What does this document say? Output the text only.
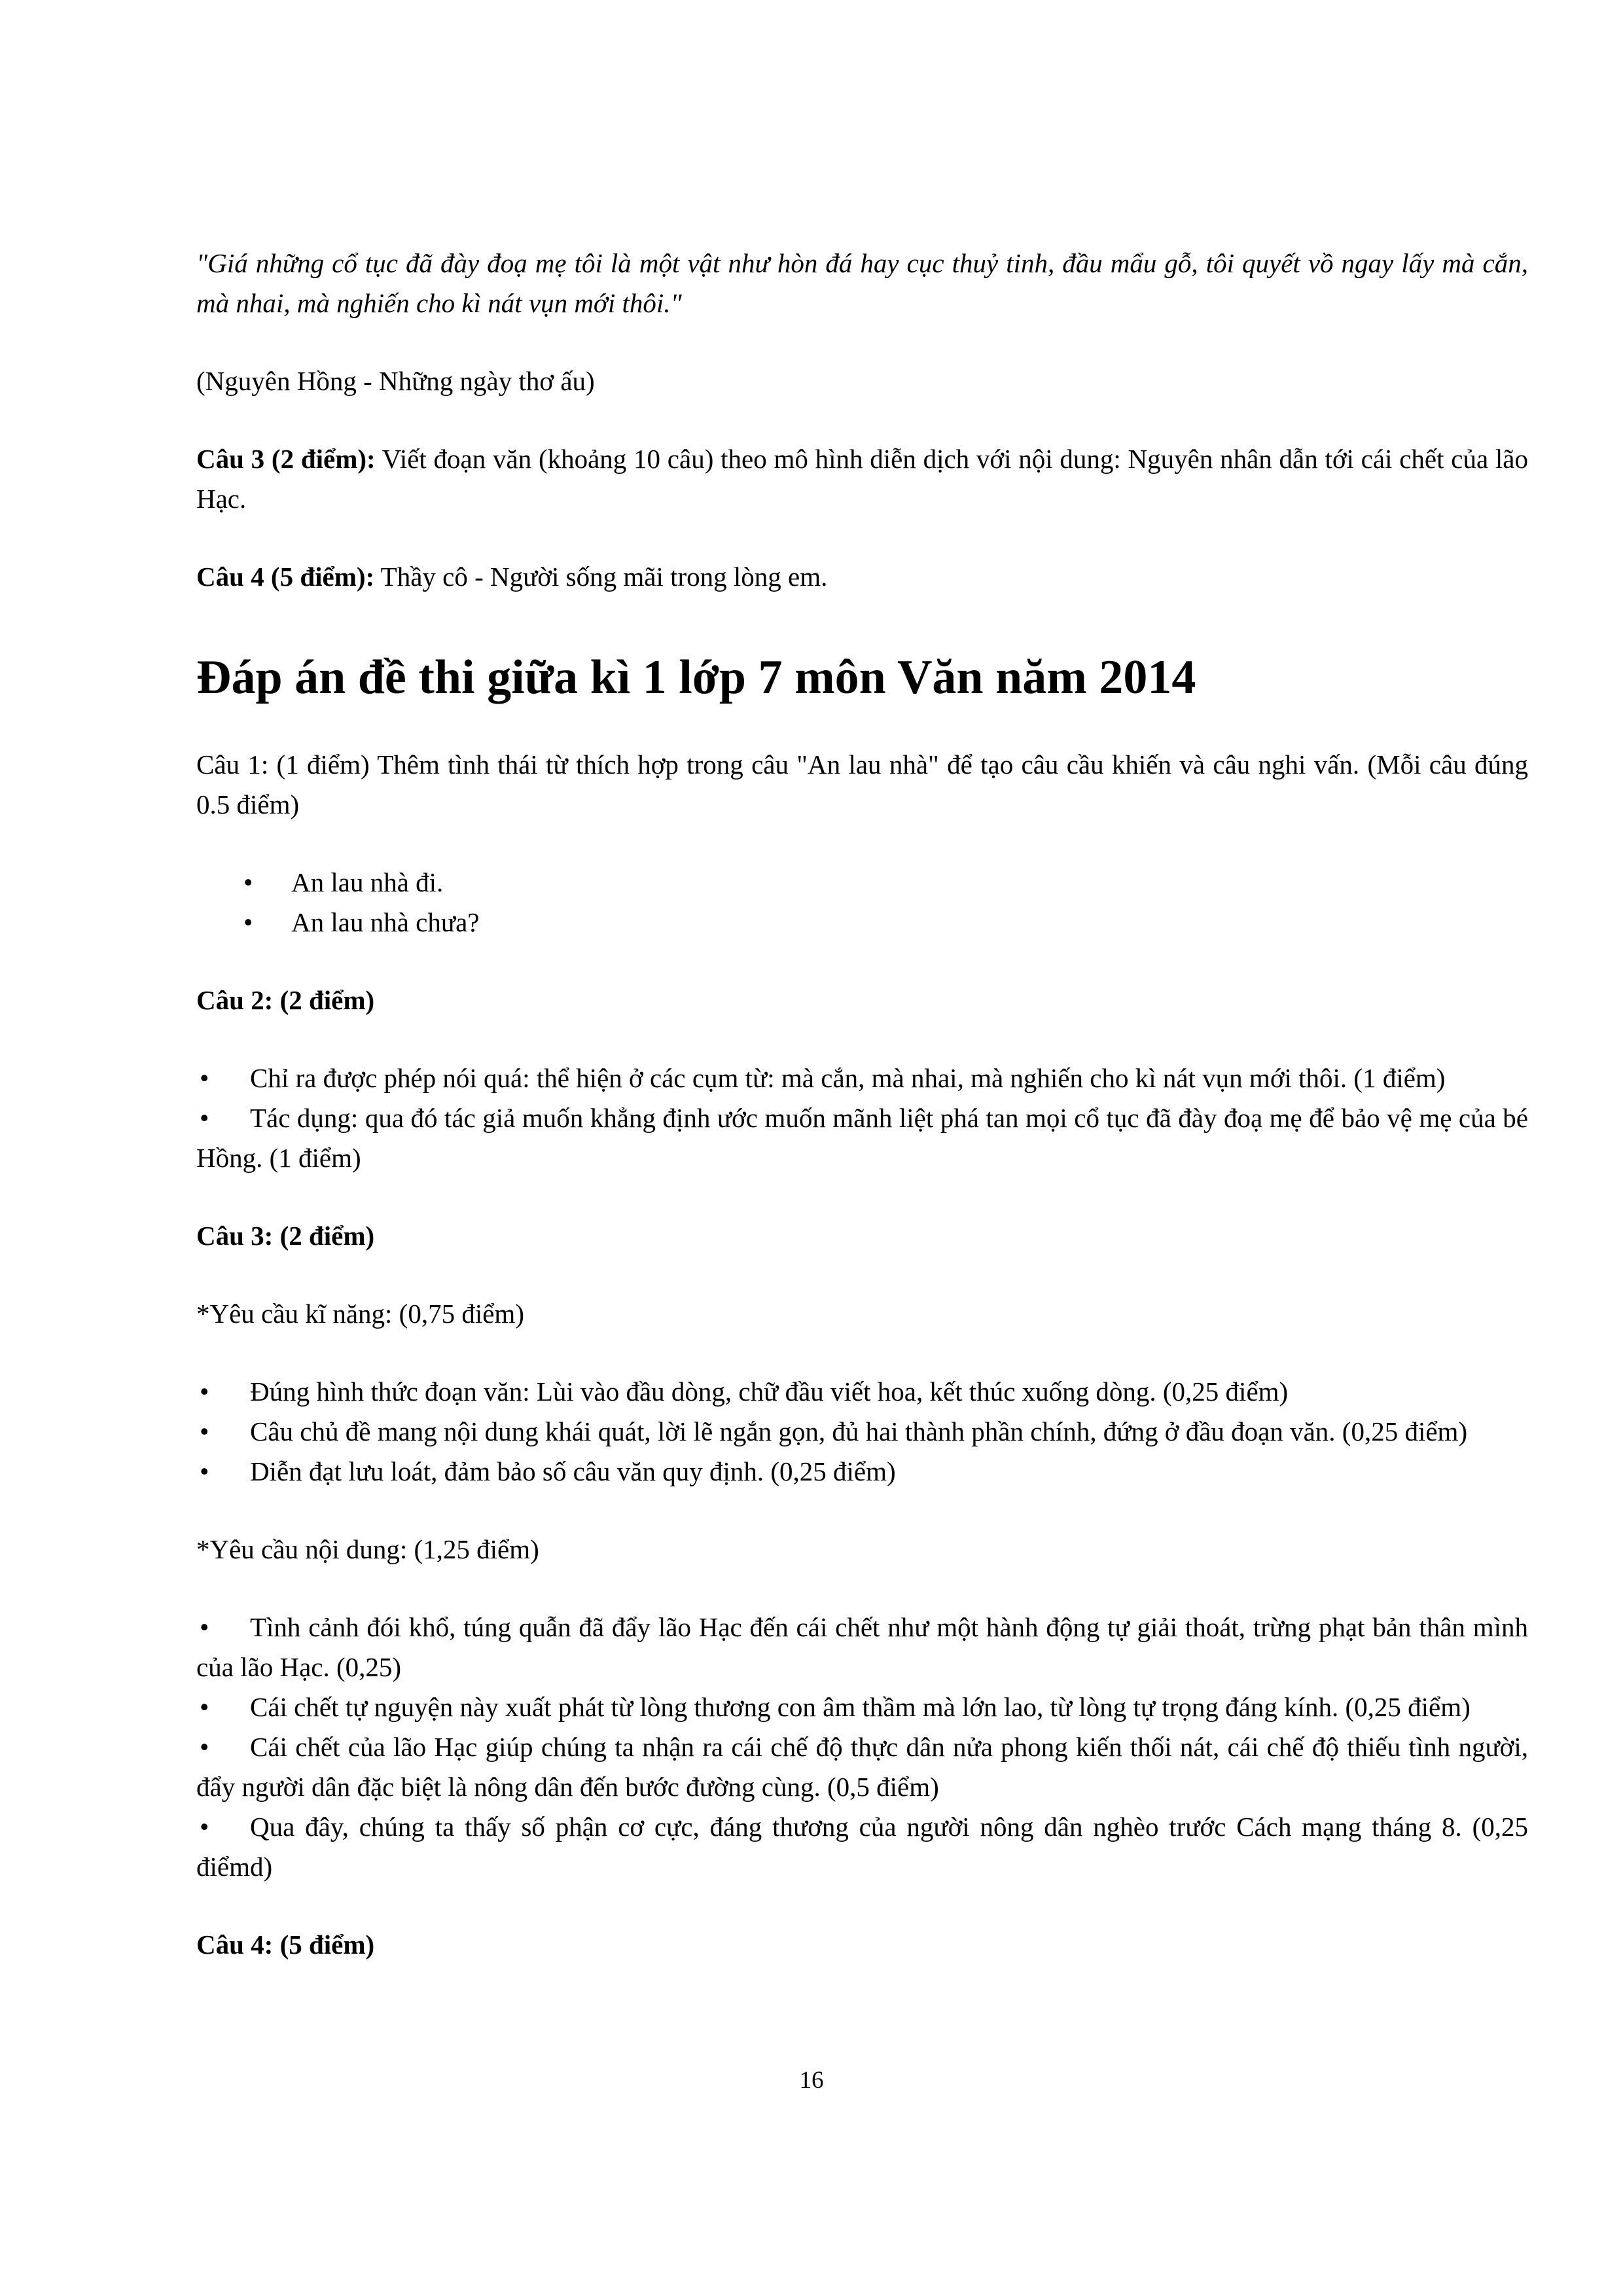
"Giá những cổ tục đã đày đoạ mẹ tôi là một vật như hòn đá hay cục thuỷ tinh, đầu mẩu gỗ, tôi quyết vồ ngay lấy mà cắn, mà nhai, mà nghiến cho kì nát vụn mới thôi."

(Nguyên Hồng - Những ngày thơ ấu)

Câu 3 (2 điểm): Viết đoạn văn (khoảng 10 câu) theo mô hình diễn dịch với nội dung: Nguyên nhân dẫn tới cái chết của lão Hạc.

Câu 4 (5 điểm): Thầy cô - Người sống mãi trong lòng em.

Đáp án đề thi giữa kì 1 lớp 7 môn Văn năm 2014

Câu 1: (1 điểm) Thêm tình thái từ thích hợp trong câu "An lau nhà" để tạo câu cầu khiến và câu nghi vấn. (Mỗi câu đúng 0.5 điểm)

•	An lau nhà đi.
•	An lau nhà chưa?

Câu 2: (2 điểm)

•	Chỉ ra được phép nói quá: thể hiện ở các cụm từ: mà cắn, mà nhai, mà nghiến cho kì nát vụn mới thôi. (1 điểm)
•	Tác dụng: qua đó tác giả muốn khẳng định ước muốn mãnh liệt phá tan mọi cổ tục đã đày đoạ mẹ để bảo vệ mẹ của bé Hồng. (1 điểm)

Câu 3: (2 điểm)

*Yêu cầu kĩ năng: (0,75 điểm)

•	Đúng hình thức đoạn văn: Lùi vào đầu dòng, chữ đầu viết hoa, kết thúc xuống dòng. (0,25 điểm)
•	Câu chủ đề mang nội dung khái quát, lời lẽ ngắn gọn, đủ hai thành phần chính, đứng ở đầu đoạn văn. (0,25 điểm)
•	Diễn đạt lưu loát, đảm bảo số câu văn quy định. (0,25 điểm)

*Yêu cầu nội dung: (1,25 điểm)

•	Tình cảnh đói khổ, túng quẫn đã đẩy lão Hạc đến cái chết như một hành động tự giải thoát, trừng phạt bản thân mình của lão Hạc. (0,25)
•	Cái chết tự nguyện này xuất phát từ lòng thương con âm thầm mà lớn lao, từ lòng tự trọng đáng kính. (0,25 điểm)
•	Cái chết của lão Hạc giúp chúng ta nhận ra cái chế độ thực dân nửa phong kiến thối nát, cái chế độ thiếu tình người, đẩy người dân đặc biệt là nông dân đến bước đường cùng. (0,5 điểm)
•	Qua đây, chúng ta thấy số phận cơ cực, đáng thương của người nông dân nghèo trước Cách mạng tháng 8. (0,25 điểmd)

Câu 4: (5 điểm)

16
